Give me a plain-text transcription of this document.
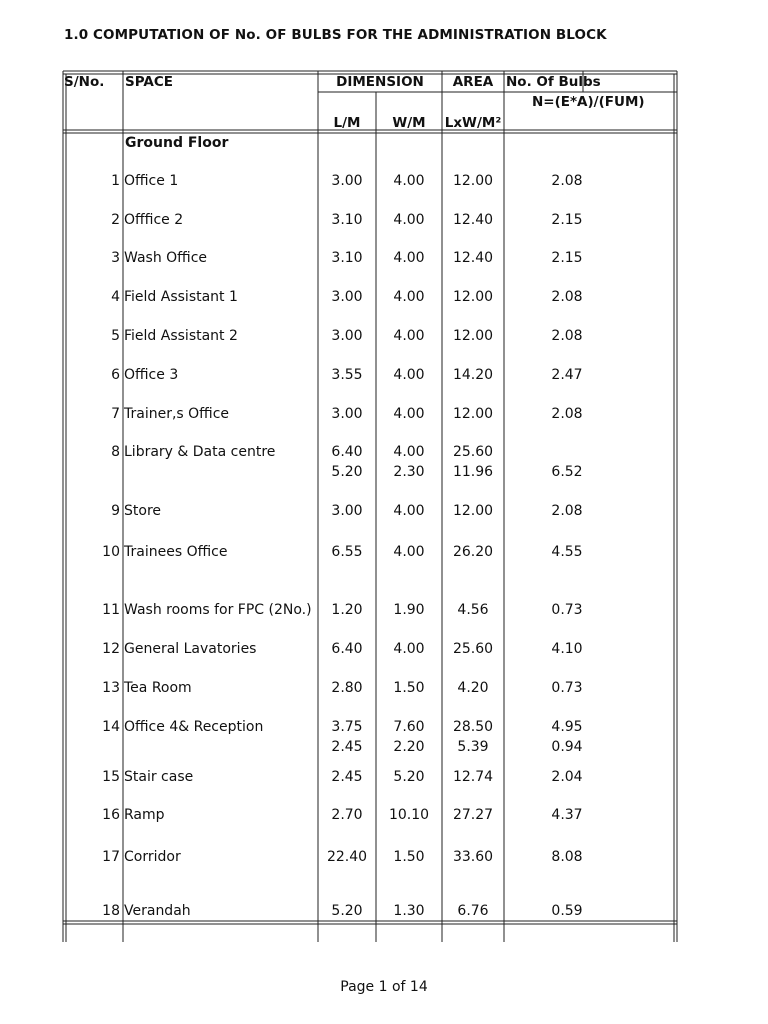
1.0 COMPUTATION OF No. OF BULBS FOR THE ADMINISTRATION BLOCK
S/No. SPACE	DIMENSION	AREA No. Of Bulbs
N=(E*A)/(FUM)
L/M	W/M	LxW/M²
Ground Floor
1 Office 1	3.00	4.00	12.00	2.08
2 Offfice 2	3.10	4.00	12.40	2.15
3 Wash Office	3.10	4.00	12.40	2.15
4 Field Assistant 1	3.00	4.00	12.00	2.08
5 Field Assistant 2	3.00	4.00	12.00	2.08
6 Office 3	3.55	4.00	14.20	2.47
7 Trainer,s Office	3.00	4.00	12.00	2.08
8 Library & Data centre	6.40	4.00	25.60
5.20	2.30	11.96	6.52
9 Store	3.00	4.00	12.00	2.08
10 Trainees Office	6.55	4.00	26.20	4.55
11 Wash rooms for FPC (2No.)	1.20	1.90	4.56	0.73
12 General Lavatories	6.40	4.00	25.60	4.10
13 Tea Room	2.80	1.50	4.20	0.73
14 Office 4& Reception	3.75	7.60	28.50	4.95
2.45	2.20	5.39	0.94
15 Stair case	2.45	5.20	12.74	2.04
16 Ramp	2.70	10.10	27.27	4.37
17 Corridor	22.40	1.50	33.60	8.08
18 Verandah	5.20	1.30	6.76	0.59
Page 1 of 14
